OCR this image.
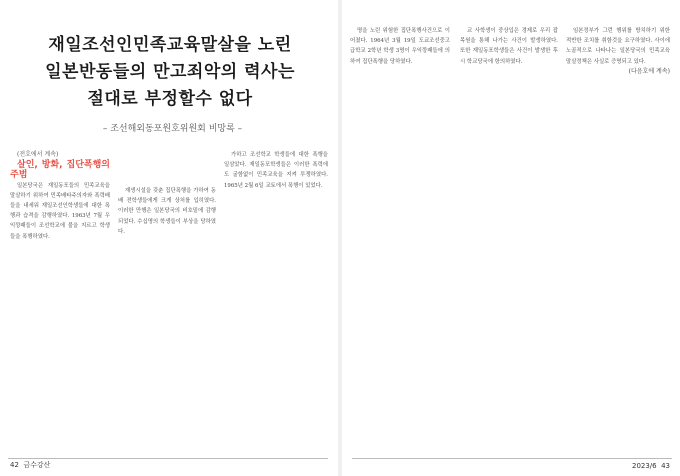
재일조선인민족교육말살을 노린
일본반동들의 만고죄악의 력사는
절대로 부정할수 없다
– 조선해외동포원호위원회 비망록 –

(전호에서 계속)

살인, 방화, 집단폭행의 주범

일본당국은 재일동포들의 민족교육을 말살하기 위하여 민족배타주의자와 폭력배들을 내세워 재일조선인학생들에 대한 폭행과 습격을 감행하였다. 1963년 7월 우익깡패들이 조선학교에 불을 지르고 학생들을 폭행하였다.

재생시설을 갖춘 집단폭행을 가하여 동배 전학생들에게 크게 상처를 입히였다. 이러한 만행은 일본당국의 비호밑에 감행되었다. 수십명의 학생들이 부상을 당하였다.

가하고 조선학교 학생들에 대한 폭행을 일삼았다. 재일동포학생들은 이러한 폭력에도 굴함없이 민족교육을 지켜 투쟁하였다. 1965년 2월 6일 교토에서 폭행이 있었다.

42 금수강산

명을 노린 위험한 집단폭행사건으로 이어졌다. 1964년 3월 19일 도쿄조선중고급학교 2학년 학생 3명이 우익깡패들에 의하여 집단폭행을 당하였다.

교 사학생이 중상입은 경제로 우리 잡목원을 통해 나가는 사건이 발생하였다. 또한 재일동포학생들은 사건이 발생한 후시 학교당국에 항의하였다.

임본정부가 그런 행위를 방치하기 위한 적반한 조치를 취함것을 요구하였다. 사이에 노골적으로 나타나는 일본당국의 민족교육말살정책은 사실로 증명되고 있다.

(다음호에 계속)

2023/6 43
